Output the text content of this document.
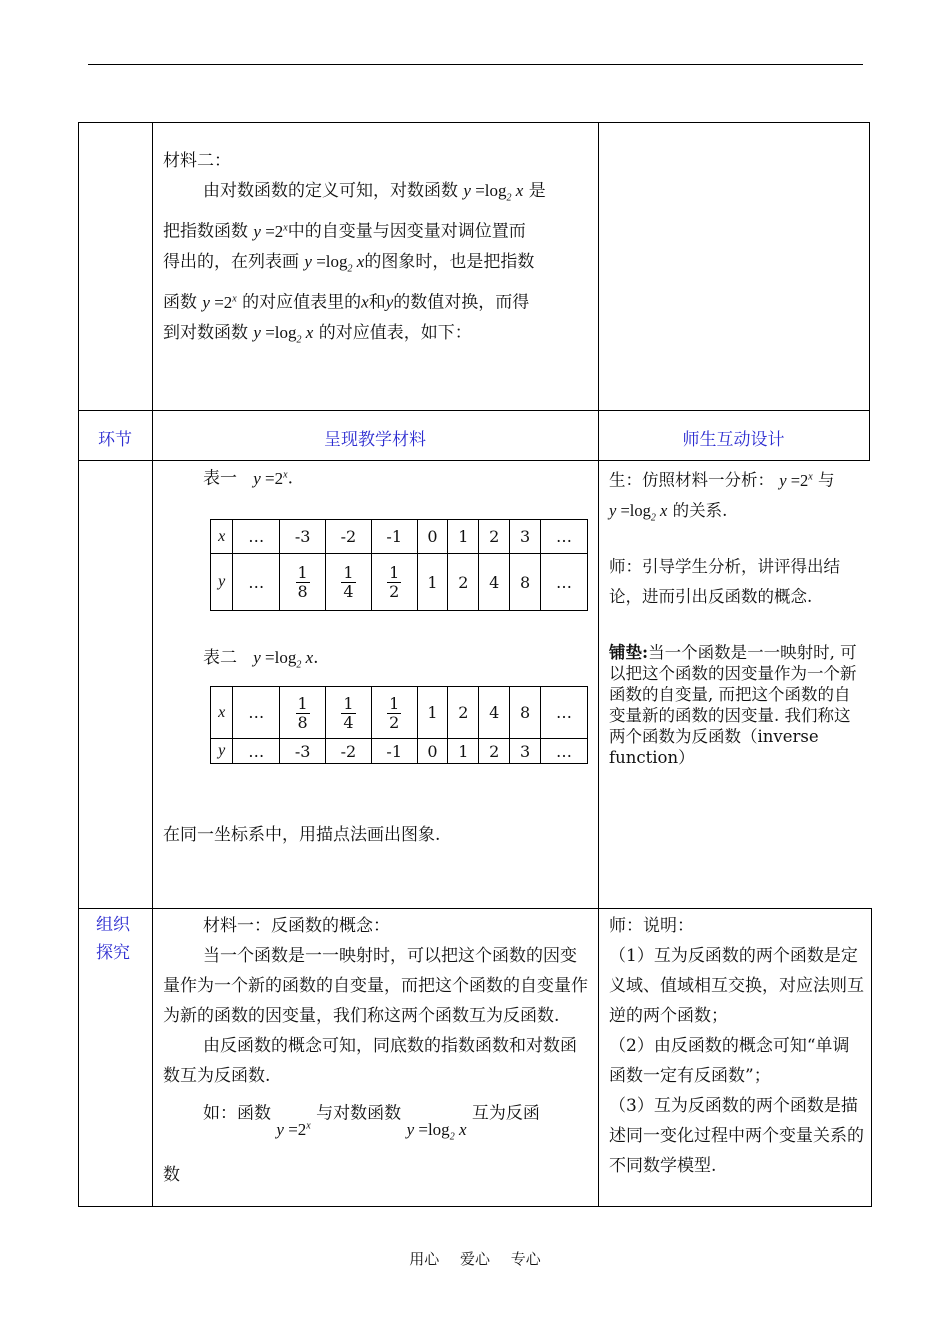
材料二：
由对数函数的定义可知，对数函数 $y =\log_2$ x 是
把指数函数 $y =2^x$中的自变量与因变量对调位置而
得出的，在列表画 $y =\log_2$ x的图象时，也是把指数
函数 $y =2^x$ 的对应值表里的x和y的数值对换，而得
到对数函数 $y =\log_2$ x 的对应值表，如下：
环节	呈现教学材料	师生互动设计
表一 $y =2^x$.
x	…	-3	-2	-1	0	1	2	3	…
y	…	$\frac{1}{8}$	$\frac{1}{4}$	$\frac{1}{2}$	1	2	4	8	…
表二 $y =\log_2$ x.
x	…	$\frac{1}{8}$	$\frac{1}{4}$	$\frac{1}{2}$	1	2	4	8	…
y	…	-3	-2	-1	0	1	2	3	…
在同一坐标系中，用描点法画出图象.
生：仿照材料一分析： $y =2^x$ 与
$y =\log_2$ x 的关系.
师：引导学生分析，讲评得出结论，进而引出反函数的概念.
铺垫:当一个函数是一一映射时, 可以把这个函数的因变量作为一个新函数的自变量, 而把这个函数的自变量新的函数的因变量. 我们称这两个函数为反函数（inverse function）
组织探究
材料一：反函数的概念：
当一个函数是一一映射时，可以把这个函数的因变量作为一个新的函数的自变量，而把这个函数的自变量作为新的函数的因变量，我们称这两个函数互为反函数.
由反函数的概念可知，同底数的指数函数和对数函数互为反函数.
如：函数 $y =2^x$ 与对数函数 $y =\log_2$ x 互为反函
数
师：说明：
（1）互为反函数的两个函数是定义域、值域相互交换，对应法则互逆的两个函数；
（2）由反函数的概念可知“单调函数一定有反函数”；
（3）互为反函数的两个函数是描述同一变化过程中两个变量关系的不同数学模型.
用心 爱心 专心
